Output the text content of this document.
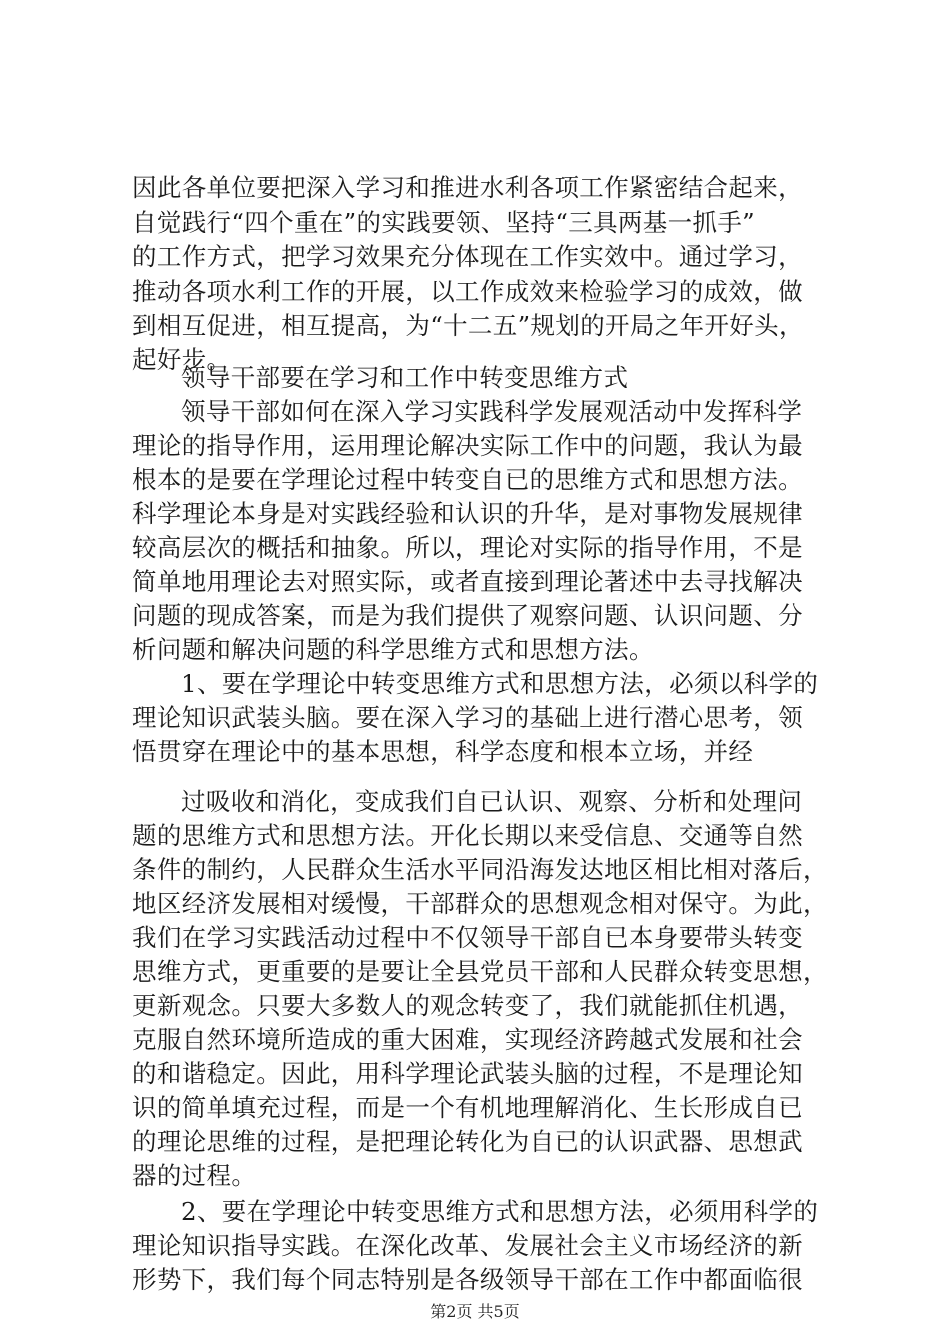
因此各单位要把深入学习和推进水利各项工作紧密结合起来，
自觉践行“四个重在”的实践要领、坚持“三具两基一抓手”
的工作方式，把学习效果充分体现在工作实效中。通过学习，
推动各项水利工作的开展，以工作成效来检验学习的成效，做
到相互促进，相互提高，为“十二五”规划的开局之年开好头，
起好步。
领导干部要在学习和工作中转变思维方式
领导干部如何在深入学习实践科学发展观活动中发挥科学
理论的指导作用，运用理论解决实际工作中的问题，我认为最
根本的是要在学理论过程中转变自已的思维方式和思想方法。
科学理论本身是对实践经验和认识的升华，是对事物发展规律
较高层次的概括和抽象。所以，理论对实际的指导作用，不是
简单地用理论去对照实际，或者直接到理论著述中去寻找解决
问题的现成答案，而是为我们提供了观察问题、认识问题、分
析问题和解决问题的科学思维方式和思想方法。
1、要在学理论中转变思维方式和思想方法，必须以科学的
理论知识武装头脑。要在深入学习的基础上进行潜心思考，领
悟贯穿在理论中的基本思想，科学态度和根本立场，并经
过吸收和消化，变成我们自已认识、观察、分析和处理问
题的思维方式和思想方法。开化长期以来受信息、交通等自然
条件的制约，人民群众生活水平同沿海发达地区相比相对落后，
地区经济发展相对缓慢，干部群众的思想观念相对保守。为此，
我们在学习实践活动过程中不仅领导干部自已本身要带头转变
思维方式，更重要的是要让全县党员干部和人民群众转变思想，
更新观念。只要大多数人的观念转变了，我们就能抓住机遇，
克服自然环境所造成的重大困难，实现经济跨越式发展和社会
的和谐稳定。因此，用科学理论武装头脑的过程，不是理论知
识的简单填充过程，而是一个有机地理解消化、生长形成自已
的理论思维的过程，是把理论转化为自已的认识武器、思想武
器的过程。
2、要在学理论中转变思维方式和思想方法，必须用科学的
理论知识指导实践。在深化改革、发展社会主义市场经济的新
形势下，我们每个同志特别是各级领导干部在工作中都面临很
第2页 共5页
